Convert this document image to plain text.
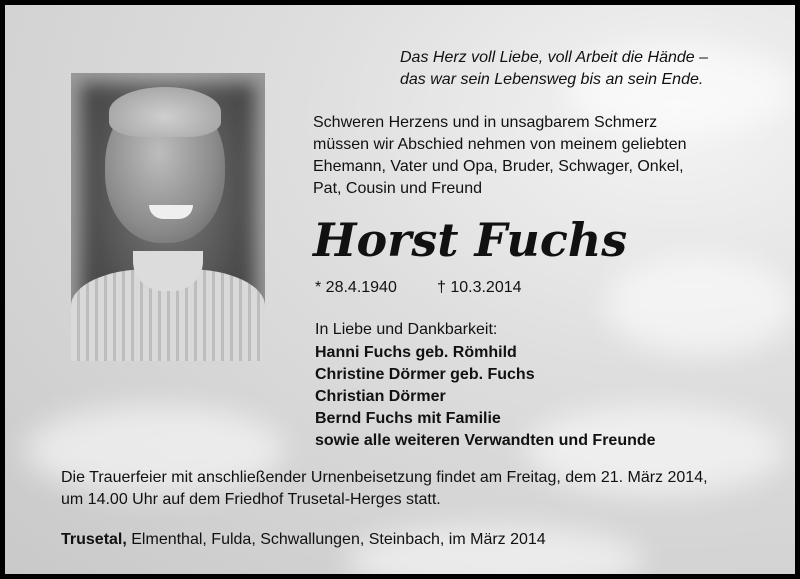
Das Herz voll Liebe, voll Arbeit die Hände –
das war sein Lebensweg bis an sein Ende.
Schweren Herzens und in unsagbarem Schmerz
müssen wir Abschied nehmen von meinem geliebten
Ehemann, Vater und Opa, Bruder, Schwager, Onkel,
Pat, Cousin und Freund
Horst Fuchs
* 28.4.1940	† 10.3.2014
In Liebe und Dankbarkeit:
Hanni Fuchs geb. Römhild
Christine Dörmer geb. Fuchs
Christian Dörmer
Bernd Fuchs mit Familie
sowie alle weiteren Verwandten und Freunde
Die Trauerfeier mit anschließender Urnenbeisetzung findet am Freitag, dem 21. März 2014,
um 14.00 Uhr auf dem Friedhof Trusetal-Herges statt.
Trusetal, Elmenthal, Fulda, Schwallungen, Steinbach, im März 2014
